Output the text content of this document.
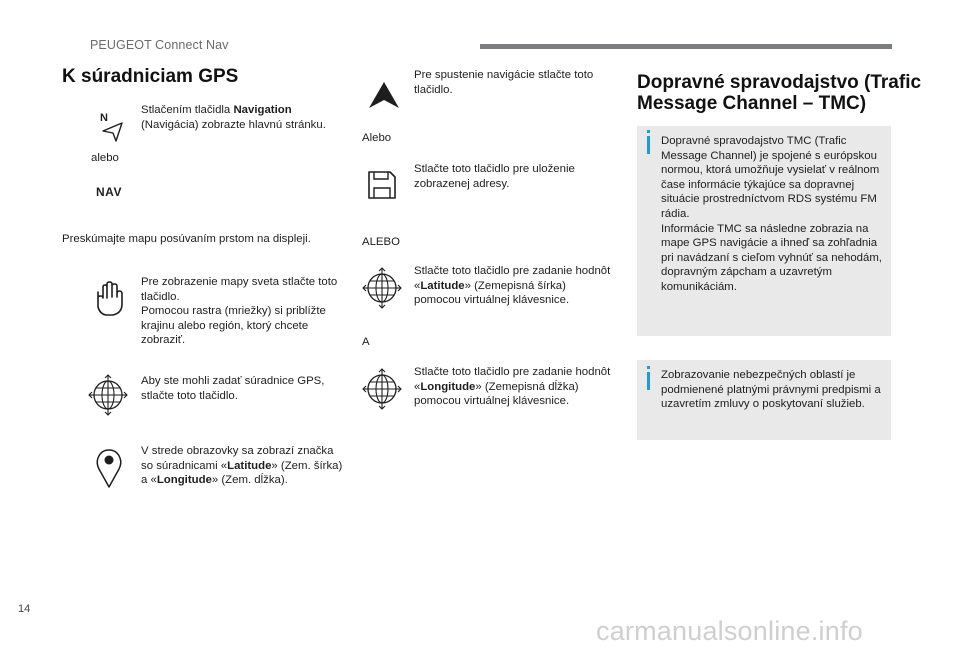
PEUGEOT Connect Nav
K súradniciam GPS
N
Stlačením tlačidla Navigation (Navigácia) zobrazte hlavnú stránku.
alebo
NAV
Preskúmajte mapu posúvaním prstom na displeji.
Pre zobrazenie mapy sveta stlačte toto tlačidlo.
Pomocou rastra (mriežky) si priblížte krajinu alebo región, ktorý chcete zobraziť.
Aby ste mohli zadať súradnice GPS, stlačte toto tlačidlo.
V strede obrazovky sa zobrazí značka so súradnicami «Latitude» (Zem. šírka) a «Longitude» (Zem. dĺžka).
Pre spustenie navigácie stlačte toto tlačidlo.
Alebo
Stlačte toto tlačidlo pre uloženie zobrazenej adresy.
ALEBO
Stlačte toto tlačidlo pre zadanie hodnôt «Latitude» (Zemepisná šírka) pomocou virtuálnej klávesnice.
A
Stlačte toto tlačidlo pre zadanie hodnôt «Longitude» (Zemepisná dĺžka) pomocou virtuálnej klávesnice.
Dopravné spravodajstvo (Trafic Message Channel – TMC)
Dopravné spravodajstvo TMC (Trafic Message Channel) je spojené s európskou normou, ktorá umožňuje vysielať v reálnom čase informácie týkajúce sa dopravnej situácie prostredníctvom RDS systému FM rádia.
Informácie TMC sa následne zobrazia na mape GPS navigácie a ihneď sa zohľadnia pri navádzaní s cieľom vyhnúť sa nehodám, dopravným zápcham a uzavretým komunikáciám.
Zobrazovanie nebezpečných oblastí je podmienené platnými právnymi predpismi a uzavretím zmluvy o poskytovaní služieb.
14
carmanualsonline.info
